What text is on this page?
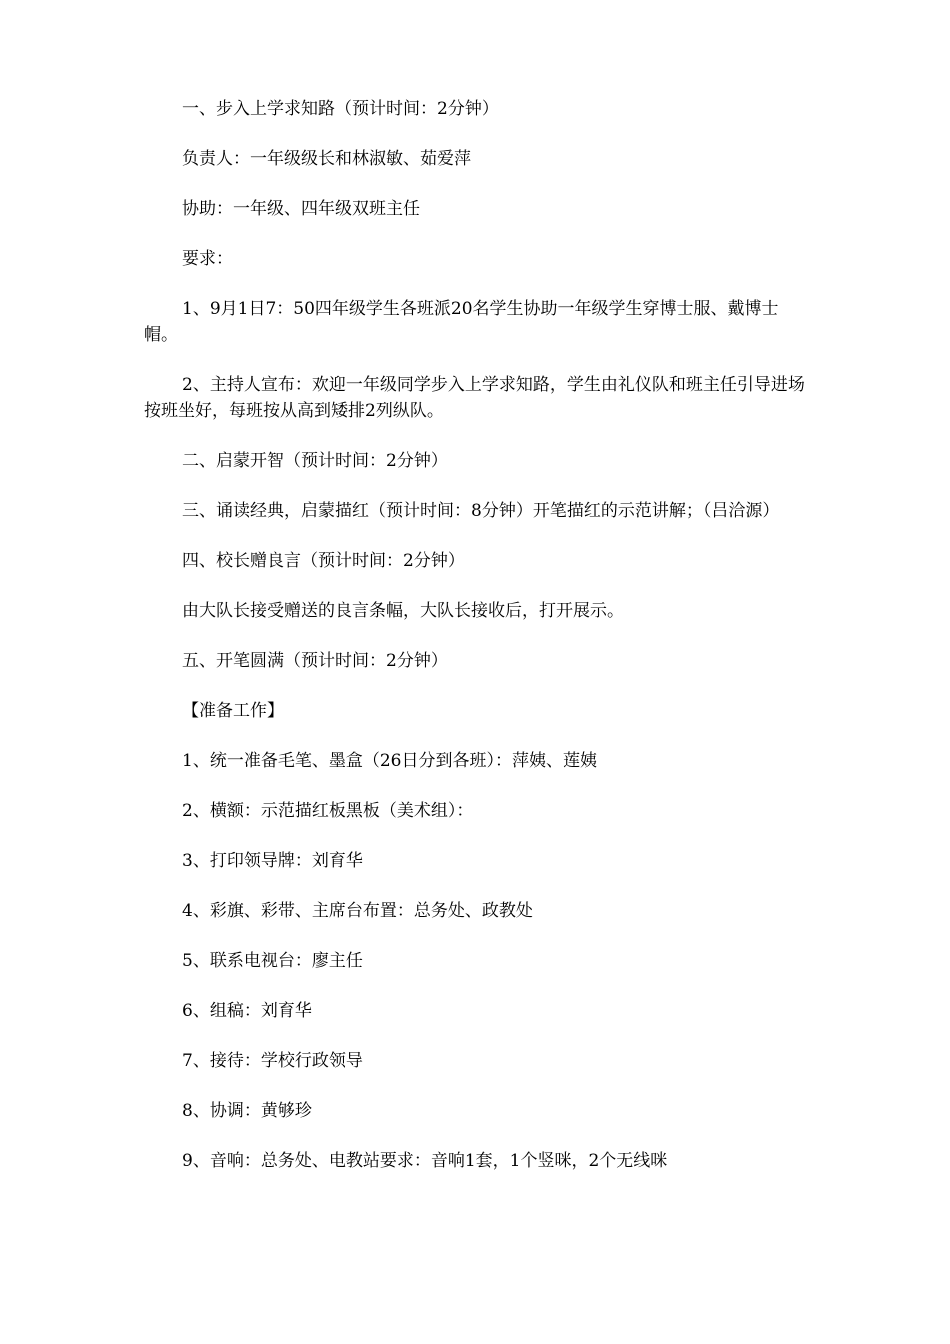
一、步入上学求知路（预计时间：2分钟）

负责人：一年级级长和林淑敏、茹爱萍

协助：一年级、四年级双班主任

要求：

1、9月1日7：50四年级学生各班派20名学生协助一年级学生穿博士服、戴博士帽。

2、主持人宣布：欢迎一年级同学步入上学求知路，学生由礼仪队和班主任引导进场按班坐好，每班按从高到矮排2列纵队。

二、启蒙开智（预计时间：2分钟）

三、诵读经典，启蒙描红（预计时间：8分钟）开笔描红的示范讲解；（吕洽源）

四、校长赠良言（预计时间：2分钟）

由大队长接受赠送的良言条幅，大队长接收后，打开展示。

五、开笔圆满（预计时间：2分钟）

【准备工作】

1、统一准备毛笔、墨盒（26日分到各班）：萍姨、莲姨

2、横额：示范描红板黑板（美术组）：

3、打印领导牌：刘育华

4、彩旗、彩带、主席台布置：总务处、政教处

5、联系电视台：廖主任

6、组稿：刘育华

7、接待：学校行政领导

8、协调：黄够珍

9、音响：总务处、电教站要求：音响1套，1个竖咪，2个无线咪
